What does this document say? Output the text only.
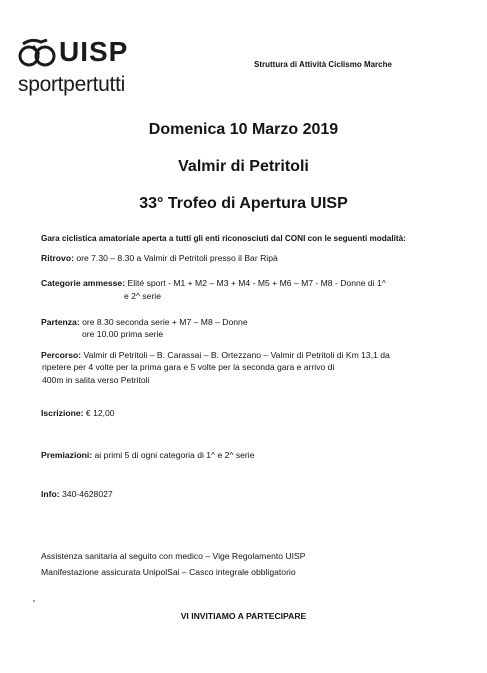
UISP
sportpertutti
Struttura di Attività Ciclismo Marche
Domenica 10 Marzo 2019
Valmir di Petritoli
33° Trofeo di Apertura UISP
Gara ciclistica amatoriale aperta a tutti gli enti riconosciuti dal CONI con le seguenti modalità:
Ritrovo: ore 7.30 – 8.30 a Valmir di Petritoli presso il Bar Ripà
Categorie ammesse: Elité sport - M1 + M2 – M3 + M4 - M5 + M6 – M7 - M8 - Donne di 1^
e 2^ serie
Partenza: ore 8.30 seconda serie + M7 – M8 – Donne
ore 10.00 prima serie
Percorso: Valmir di Petritoli – B. Carassai – B. Ortezzano – Valmir di Petritoli di Km 13,1 da
ripetere per 4 volte per la prima gara e 5 volte per la seconda gara e arrivo di
400m in salita verso Petritoli
Iscrizione: € 12,00
Premiazioni: ai primi 5 di ogni categoria di 1^ e 2^ serie
Info: 340-4628027
Assistenza sanitaria al seguito con medico – Vige Regolamento UISP
Manifestazione assicurata UnipolSai – Casco integrale obbligatorio
VI INVITIAMO A PARTECIPARE
